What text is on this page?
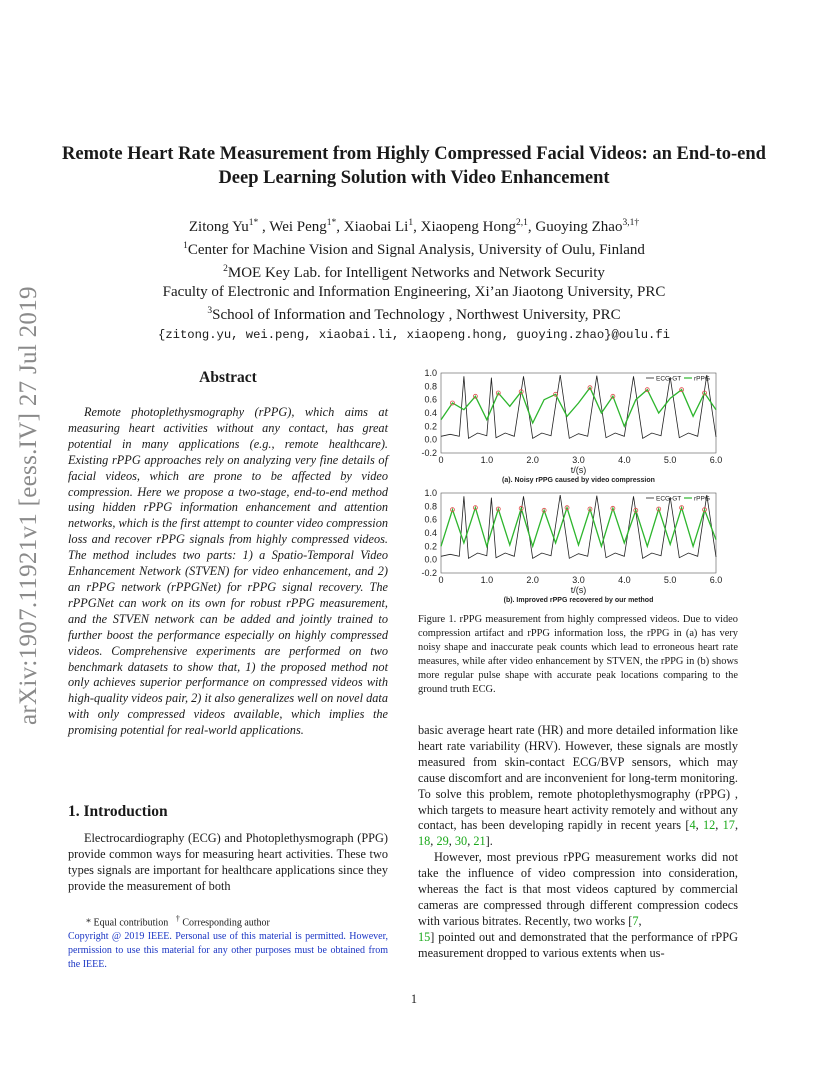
Remote Heart Rate Measurement from Highly Compressed Facial Videos: an End-to-end Deep Learning Solution with Video Enhancement
Zitong $Yu^{1*}$ , Wei Peng$^{1*}$, Xiaobai Li$^1$, Xiaopeng Hong$^{2,1}$, Guoying Zhao$^{3,1\dagger}$
$^1$Center for Machine Vision and Signal Analysis, University of Oulu, Finland
$^2$MOE Key Lab. for Intelligent Networks and Network Security
Faculty of Electronic and Information Engineering, Xi’an Jiaotong University, PRC
$^3$School of Information and Technology , Northwest University, PRC
{zitong.yu, wei.peng, xiaobai.li, xiaopeng.hong, guoying.zhao}@oulu.fi
arXiv:1907.11921v1 [eess.IV] 27 Jul 2019	Abstract

Remote photoplethysmography (rPPG), which aims at measuring heart activities without any contact, has great potential in many applications (e.g., remote healthcare). Existing rPPG approaches rely on analyzing very fine details of facial videos, which are prone to be affected by video compression. Here we propose a two-stage, end-to-end method using hidden rPPG information enhancement and attention networks, which is the first attempt to counter video compression loss and recover rPPG signals from highly compressed videos. The method includes two parts: 1) a Spatio-Temporal Video Enhancement Network (STVEN) for video enhancement, and 2) an rPPG network (rPPGNet) for rPPG signal recovery. The rPPGNet can work on its own for robust rPPG measurement, and the STVEN network can be added and jointly trained to further boost the performance especially on highly compressed videos. Comprehensive experiments are performed on two benchmark datasets to show that, 1) the proposed method not only achieves superior performance on compressed videos with high-quality videos pair, 2) it also generalizes well on novel data with only compressed videos available, which implies the promising potential for real-world applications.

1. Introduction

Electrocardiography (ECG) and Photoplethysmograph (PPG) provide common ways for measuring heart activities. These two types signals are important for healthcare applications since they provide the measurement of both

* Equal contribution † Corresponding author
Copyright @ 2019 IEEE. Personal use of this material is permitted. However, permission to use this material for any other purposes must be obtained from the IEEE.
1.0
0.8
0.6
0.4
0.2
0.0
-0.2
0	1.0	2.0	3.0	4.0	5.0	6.0
t/(s)
(a). Noisy rPPG caused by video compression
ECG-GT rPPG
1.0
0.8
0.6
0.4
0.2
0.0
-0.2
0	1.0	2.0	3.0	4.0	5.0	6.0
t/(s)
(b). Improved rPPG recovered by our method
ECG-GT rPPG

Figure 1. rPPG measurement from highly compressed videos. Due to video compression artifact and rPPG information loss, the rPPG in (a) has very noisy shape and inaccurate peak counts which lead to erroneous heart rate measures, while after video enhancement by STVEN, the rPPG in (b) shows more regular pulse shape with accurate peak locations comparing to the ground truth ECG.

basic average heart rate (HR) and more detailed information like heart rate variability (HRV). However, these signals are mostly measured from skin-contact ECG/BVP sensors, which may cause discomfort and are inconvenient for long-term monitoring. To solve this problem, remote photoplethysmography (rPPG) , which targets to measure heart activity remotely and without any contact, has been developing rapidly in recent years [4, 12, 17, 18, 29, 30, 21].

However, most previous rPPG measurement works did not take the influence of video compression into consideration, whereas the fact is that most videos captured by commercial cameras are compressed through different compression codecs with various bitrates. Recently, two works [7,
15] pointed out and demonstrated that the performance of rPPG measurement dropped to various extents when us-

1
